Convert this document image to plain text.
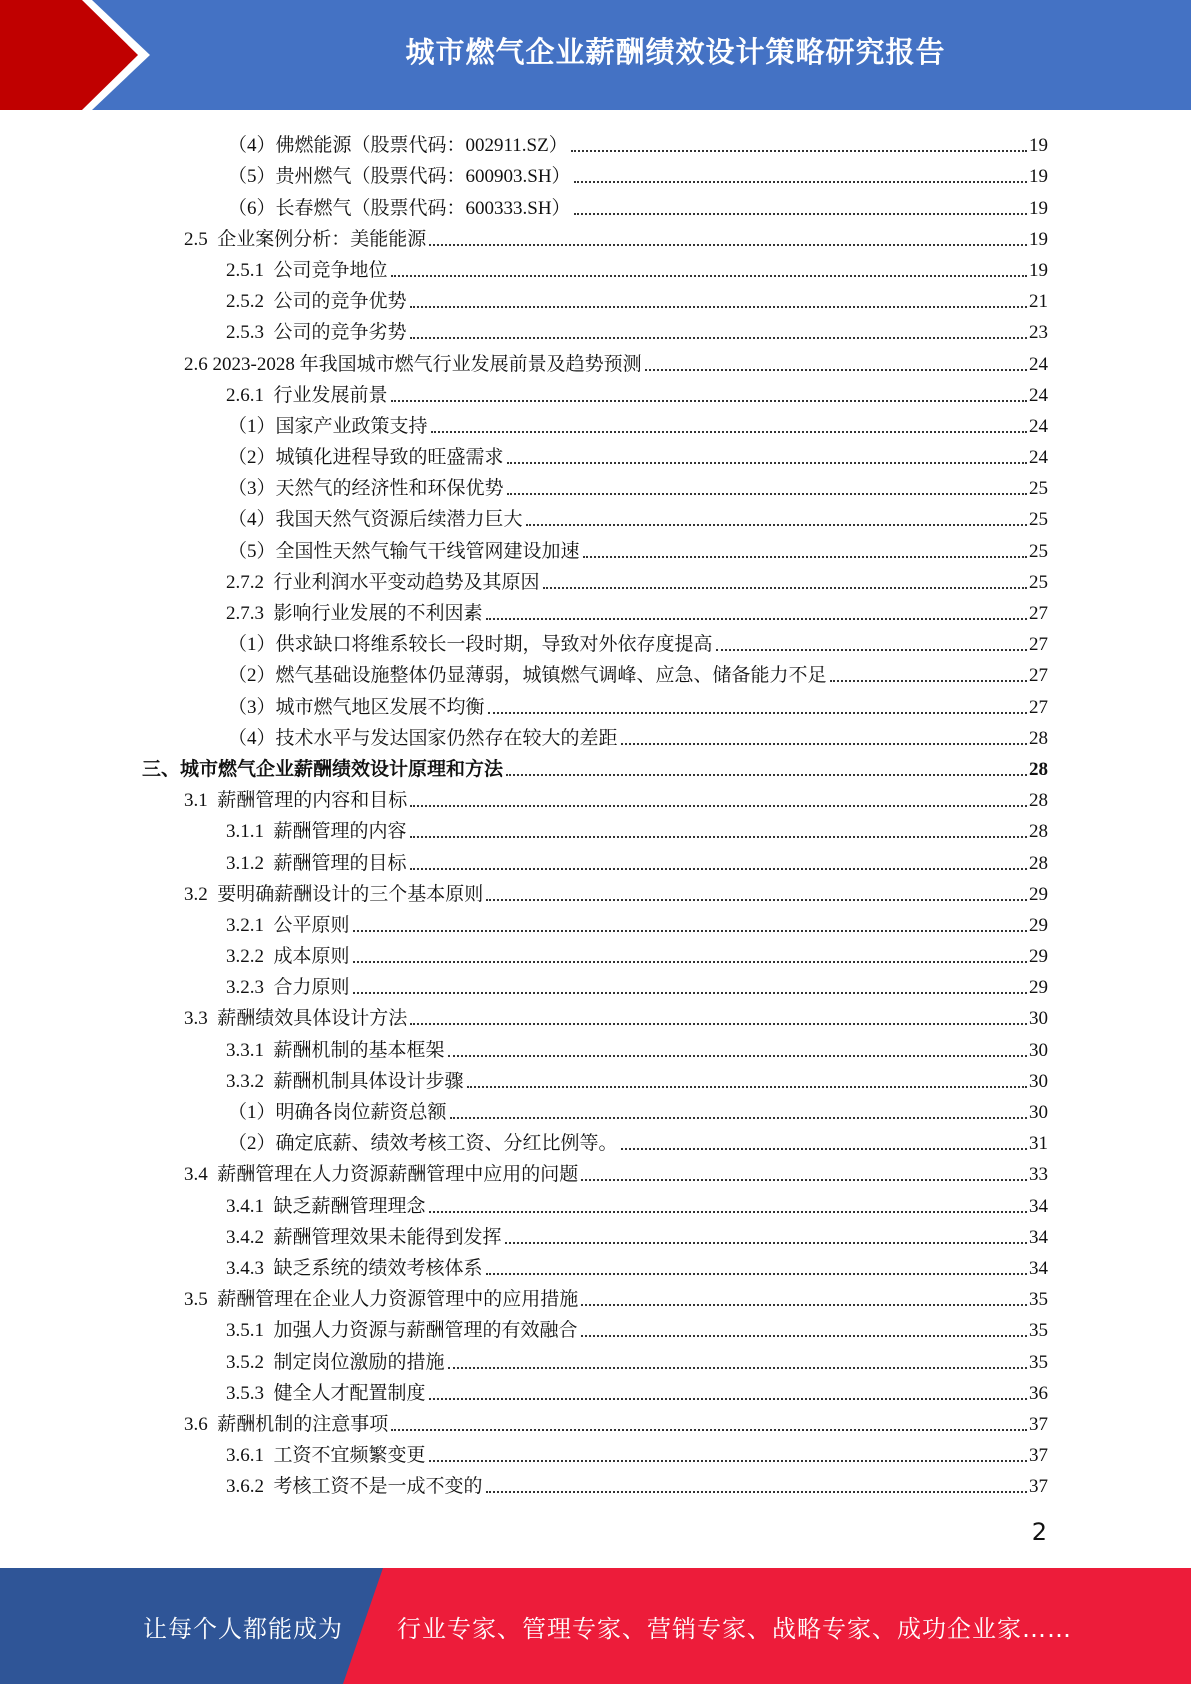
城市燃气企业薪酬绩效设计策略研究报告
（4）佛燃能源（股票代码：002911.SZ）	19
（5）贵州燃气（股票代码：600903.SH）	19
（6）长春燃气（股票代码：600333.SH）	19
2.5  企业案例分析：美能能源	19
2.5.1  公司竞争地位	19
2.5.2  公司的竞争优势	21
2.5.3  公司的竞争劣势	23
2.6 2023-2028 年我国城市燃气行业发展前景及趋势预测	24
2.6.1  行业发展前景	24
（1）国家产业政策支持	24
（2）城镇化进程导致的旺盛需求	24
（3）天然气的经济性和环保优势	25
（4）我国天然气资源后续潜力巨大	25
（5）全国性天然气输气干线管网建设加速	25
2.7.2  行业利润水平变动趋势及其原因	25
2.7.3  影响行业发展的不利因素	27
（1）供求缺口将维系较长一段时期，导致对外依存度提高	27
（2）燃气基础设施整体仍显薄弱，城镇燃气调峰、应急、储备能力不足	27
（3）城市燃气地区发展不均衡	27
（4）技术水平与发达国家仍然存在较大的差距	28
三、城市燃气企业薪酬绩效设计原理和方法	28
3.1  薪酬管理的内容和目标	28
3.1.1  薪酬管理的内容	28
3.1.2  薪酬管理的目标	28
3.2  要明确薪酬设计的三个基本原则	29
3.2.1  公平原则	29
3.2.2  成本原则	29
3.2.3  合力原则	29
3.3  薪酬绩效具体设计方法	30
3.3.1  薪酬机制的基本框架	30
3.3.2  薪酬机制具体设计步骤	30
（1）明确各岗位薪资总额	30
（2）确定底薪、绩效考核工资、分红比例等。	31
3.4  薪酬管理在人力资源薪酬管理中应用的问题	33
3.4.1  缺乏薪酬管理理念	34
3.4.2  薪酬管理效果未能得到发挥	34
3.4.3  缺乏系统的绩效考核体系	34
3.5  薪酬管理在企业人力资源管理中的应用措施	35
3.5.1  加强人力资源与薪酬管理的有效融合	35
3.5.2  制定岗位激励的措施	35
3.5.3  健全人才配置制度	36
3.6  薪酬机制的注意事项	37
3.6.1  工资不宜频繁变更	37
3.6.2  考核工资不是一成不变的	37
2
让每个人都能成为 行业专家、管理专家、营销专家、战略专家、成功企业家……
